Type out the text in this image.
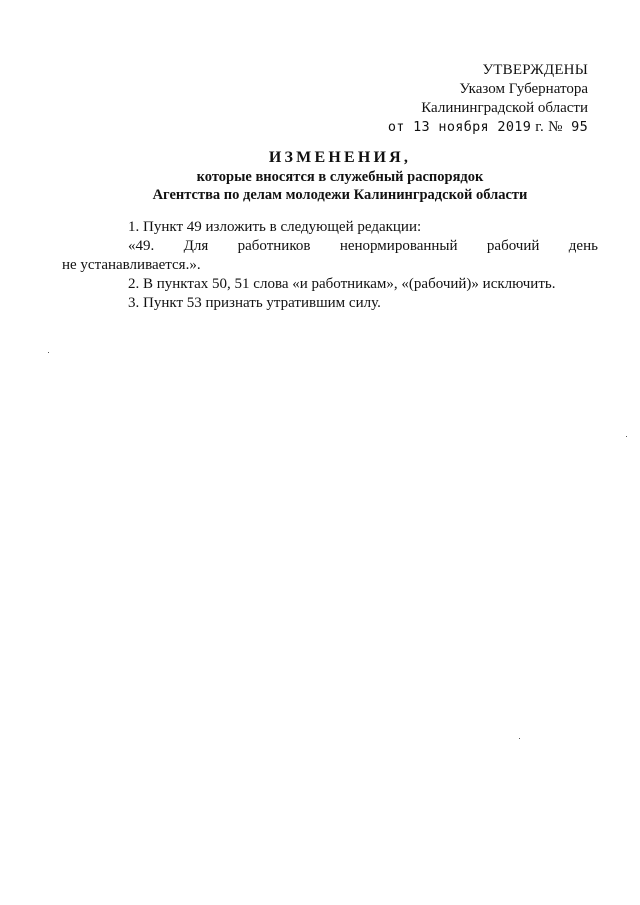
УТВЕРЖДЕНЫ
Указом Губернатора
Калининградской области
от 13 ноября 2019 г. № 95
ИЗМЕНЕНИЯ,
которые вносятся в служебный распорядок
Агентства по делам молодежи Калининградской области

1. Пункт 49 изложить в следующей редакции:

«49. Для работников ненормированный рабочий день

не устанавливается.».

2. В пунктах 50, 51 слова «и работникам», «(рабочий)» исключить.

3. Пункт 53 признать утратившим силу.
